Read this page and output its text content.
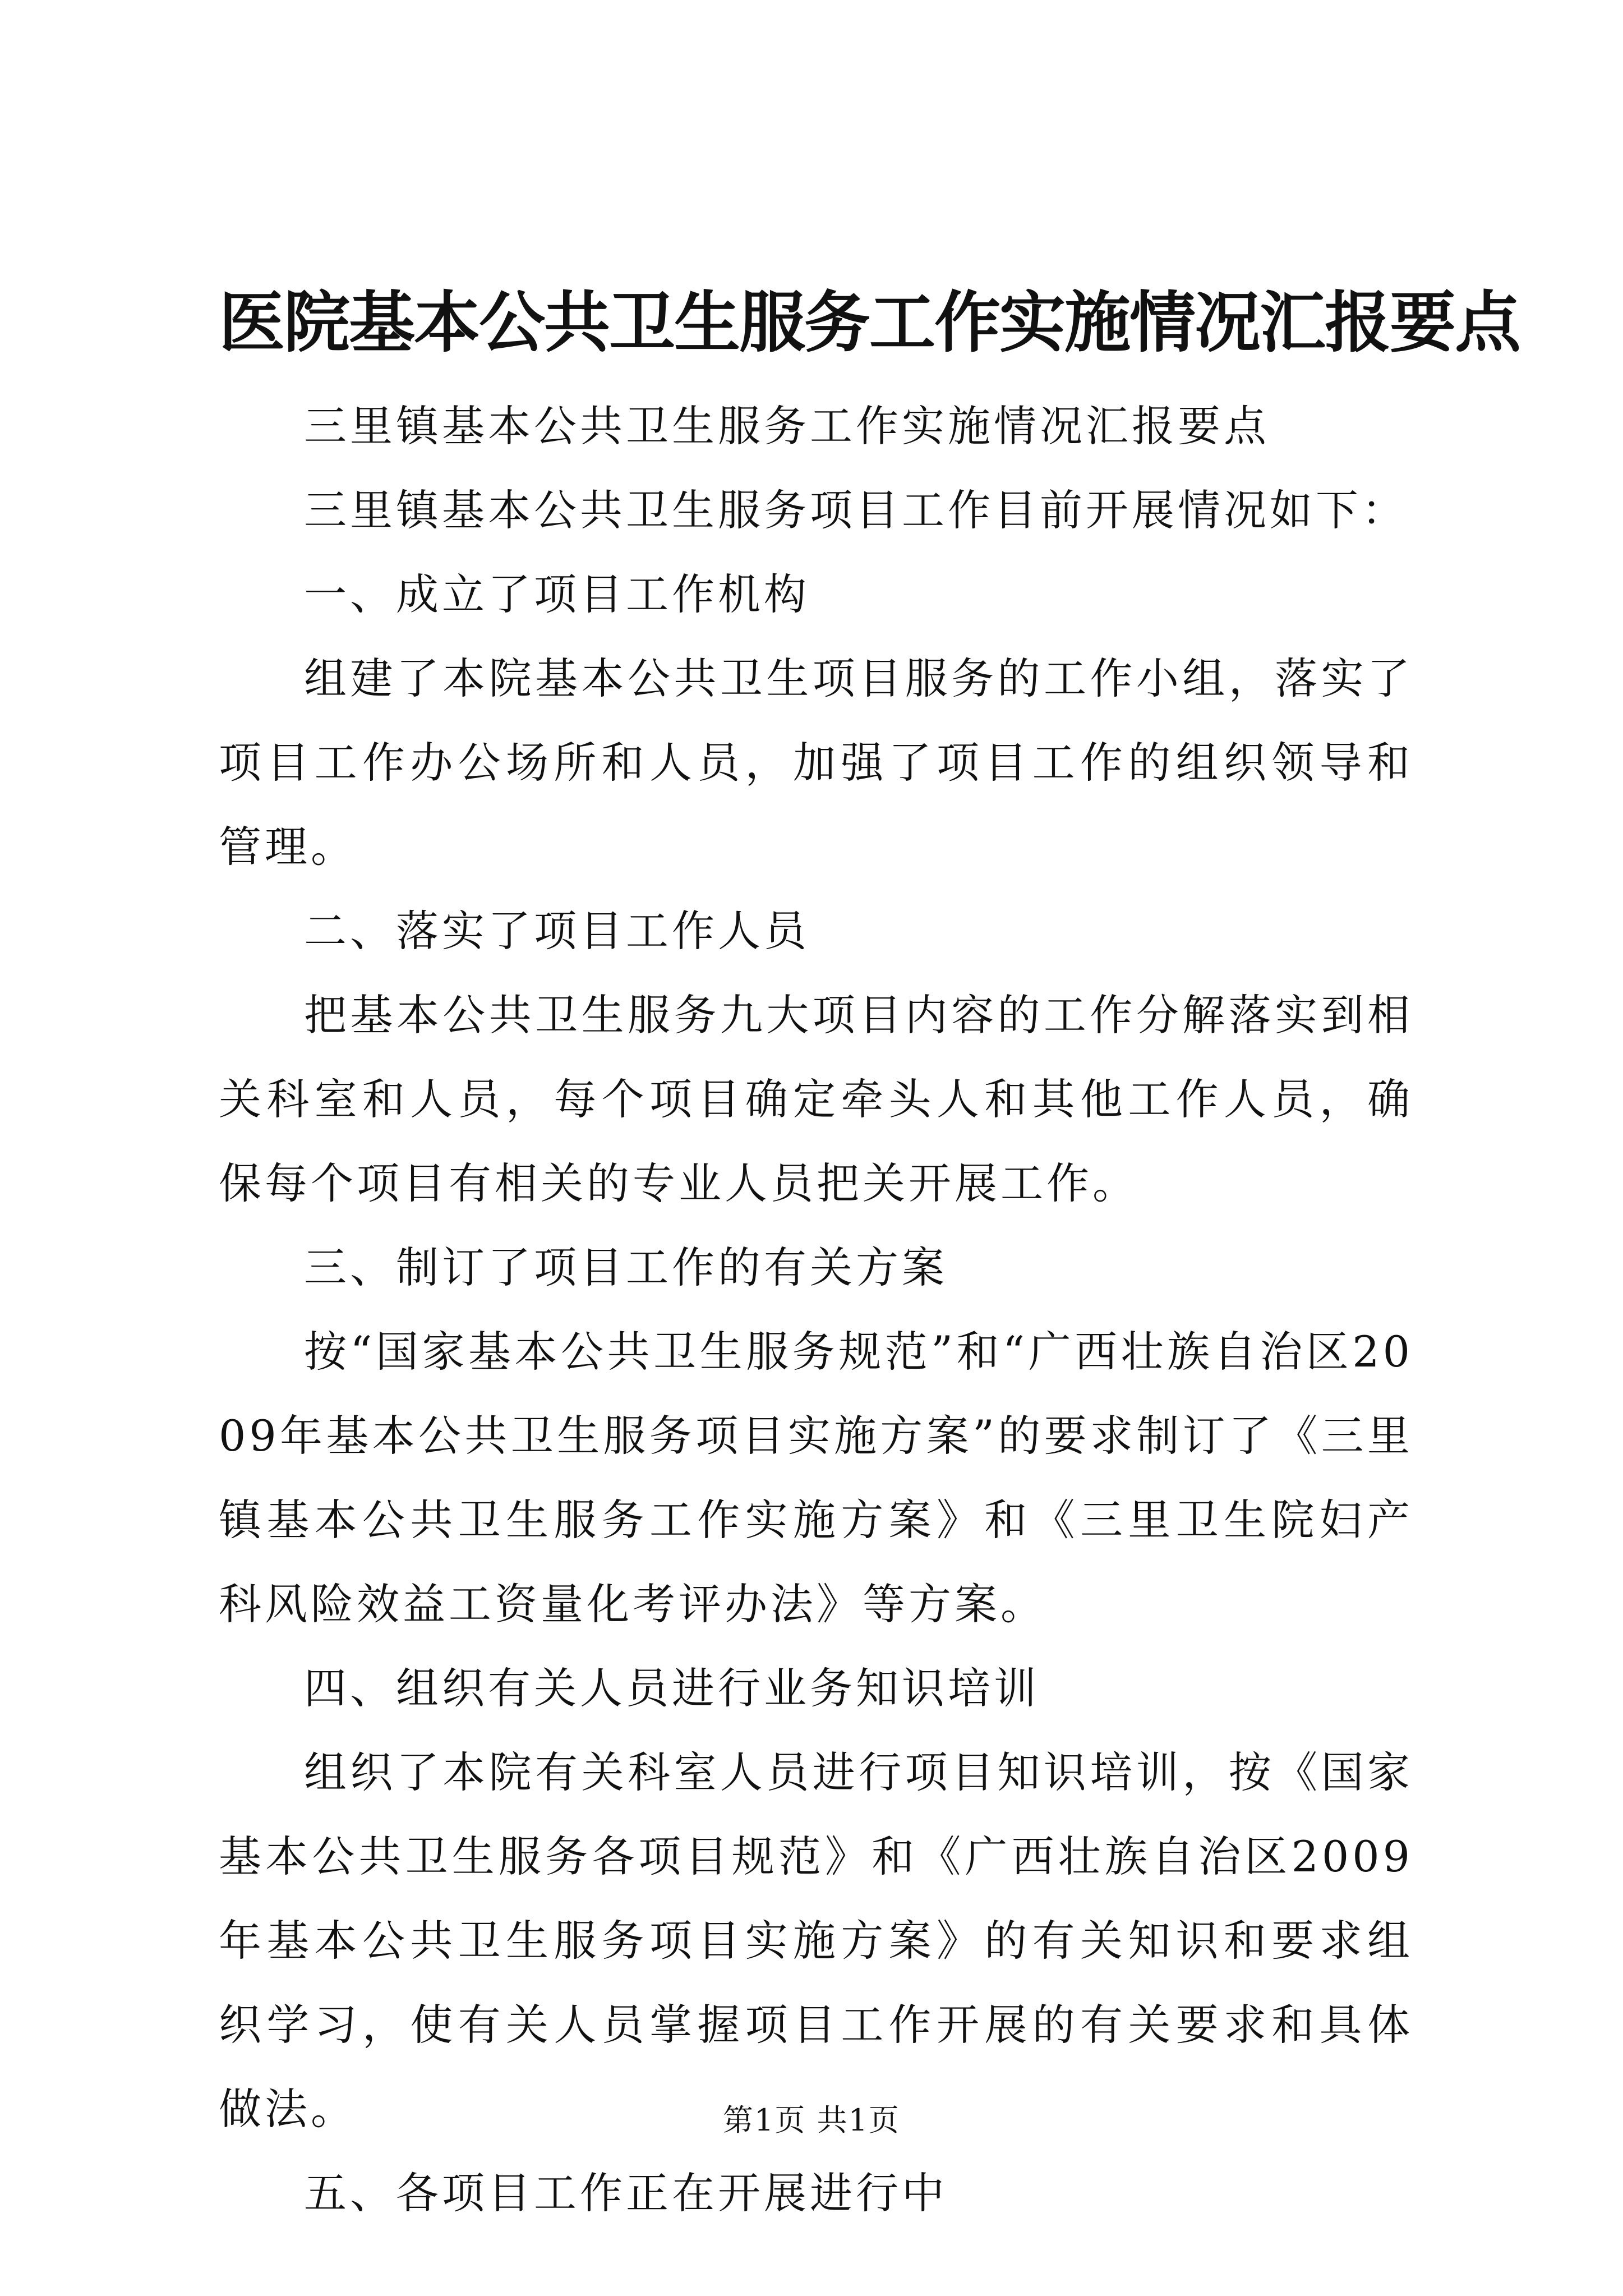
医院基本公共卫生服务工作实施情况汇报要点

三里镇基本公共卫生服务工作实施情况汇报要点

三里镇基本公共卫生服务项目工作目前开展情况如下：

一、成立了项目工作机构

组建了本院基本公共卫生项目服务的工作小组，落实了项目工作办公场所和人员，加强了项目工作的组织领导和管理。

二、落实了项目工作人员

把基本公共卫生服务九大项目内容的工作分解落实到相关科室和人员，每个项目确定牵头人和其他工作人员，确保每个项目有相关的专业人员把关开展工作。

三、制订了项目工作的有关方案

按“国家基本公共卫生服务规范”和“广西壮族自治区2009年基本公共卫生服务项目实施方案”的要求制订了《三里镇基本公共卫生服务工作实施方案》和《三里卫生院妇产科风险效益工资量化考评办法》等方案。

四、组织有关人员进行业务知识培训

组织了本院有关科室人员进行项目知识培训，按《国家基本公共卫生服务各项目规范》和《广西壮族自治区2009年基本公共卫生服务项目实施方案》的有关知识和要求组织学习，使有关人员掌握项目工作开展的有关要求和具体做法。

五、各项目工作正在开展进行中

第1页 共1页
